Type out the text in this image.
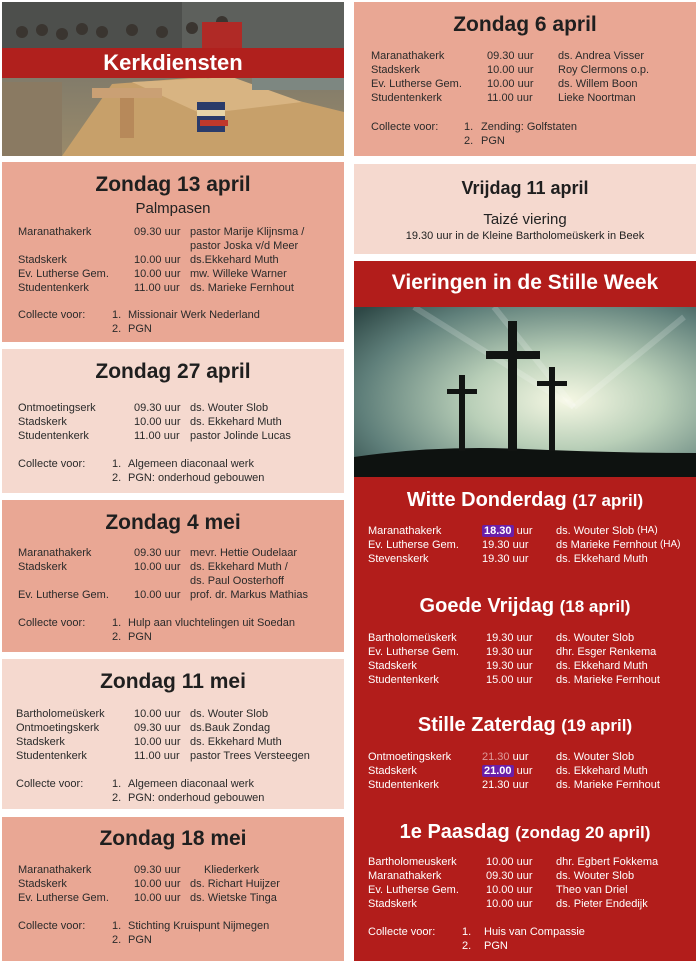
Kerkdiensten
Zondag 6 april
Maranathakerk	09.30 uur	ds. Andrea Visser
Stadskerk	10.00 uur	Roy Clermons o.p.
Ev. Lutherse Gem.	10.00 uur	ds. Willem Boon
Studentenkerk	11.00 uur	Lieke Noortman
Collecte voor:	1. Zending: Golfstaten
2. PGN
Zondag 13 april
Palmpasen
Maranathakerk	09.30 uur pastor Marije Klijnsma /
pastor Joska v/d Meer
Stadskerk	10.00 uur ds.Ekkehard Muth
Ev. Lutherse Gem.	10.00 uur mw. Willeke Warner
Studentenkerk	11.00 uur ds. Marieke Fernhout
Collecte voor:	1. Missionair Werk Nederland
2. PGN
Vrijdag 11 april
Taizé viering
19.30 uur in de Kleine Bartholomeüskerk in Beek
Zondag 27 april
Ontmoetingserk	09.30 uur ds. Wouter Slob
Stadskerk	10.00 uur ds. Ekkehard Muth
Studentenkerk	11.00 uur pastor Jolinde Lucas
Collecte voor:	1. Algemeen diaconaal werk
2. PGN: onderhoud gebouwen
Zondag 4 mei
Maranathakerk	09.30 uur mevr. Hettie Oudelaar
Stadskerk	10.00 uur ds. Ekkehard Muth /
ds. Paul Oosterhoff
Ev. Lutherse Gem.	10.00 uur prof. dr. Markus Mathias
Collecte voor:	1. Hulp aan vluchtelingen uit Soedan
2. PGN
Zondag 11 mei
Bartholomeüskerk	10.00 uur ds. Wouter Slob
Ontmoetingskerk	09.30 uur ds.Bauk Zondag
Stadskerk	10.00 uur ds. Ekkehard Muth
Studentenkerk	11.00 uur pastor Trees Versteegen
Collecte voor:	1. Algemeen diaconaal werk
2. PGN: onderhoud gebouwen
Zondag 18 mei
Maranathakerk	09.30 uur	Kliederkerk
Stadskerk	10.00 uur ds. Richart Huijzer
Ev. Lutherse Gem.	10.00 uur ds. Wietske Tinga
Collecte voor:	1. Stichting Kruispunt Nijmegen
2. PGN
Vieringen in de Stille Week
Witte Donderdag (17 april)
Maranathakerk	18.30 uur	ds. Wouter Slob
(HA)
Ev. Lutherse Gem.	19.30 uur	ds Marieke Fernhout
(HA)
Stevenskerk	19.30 uur	ds. Ekkehard Muth
Goede Vrijdag (18 april)
Bartholomeüskerk	19.30 uur	ds. Wouter Slob
Ev. Lutherse Gem.	19.30 uur	dhr. Esger Renkema
Stadskerk	19.30 uur	ds. Ekkehard Muth
Studentenkerk	15.00 uur	ds. Marieke Fernhout
Stille Zaterdag (19 april)
Ontmoetingskerk	21.30 uur	ds. Wouter Slob
Stadskerk	21.00 uur	ds. Ekkehard Muth
Studentenkerk	21.30 uur	ds. Marieke Fernhout
1e Paasdag (zondag 20 april)
Bartholomeuskerk	10.00 uur	dhr. Egbert Fokkema
Maranathakerk	09.30 uur	ds. Wouter Slob
Ev. Lutherse Gem.	10.00 uur	Theo van Driel
Stadskerk	10.00 uur	ds. Pieter Endedijk
Collecte voor:	1.	Huis van Compassie
2.	PGN
